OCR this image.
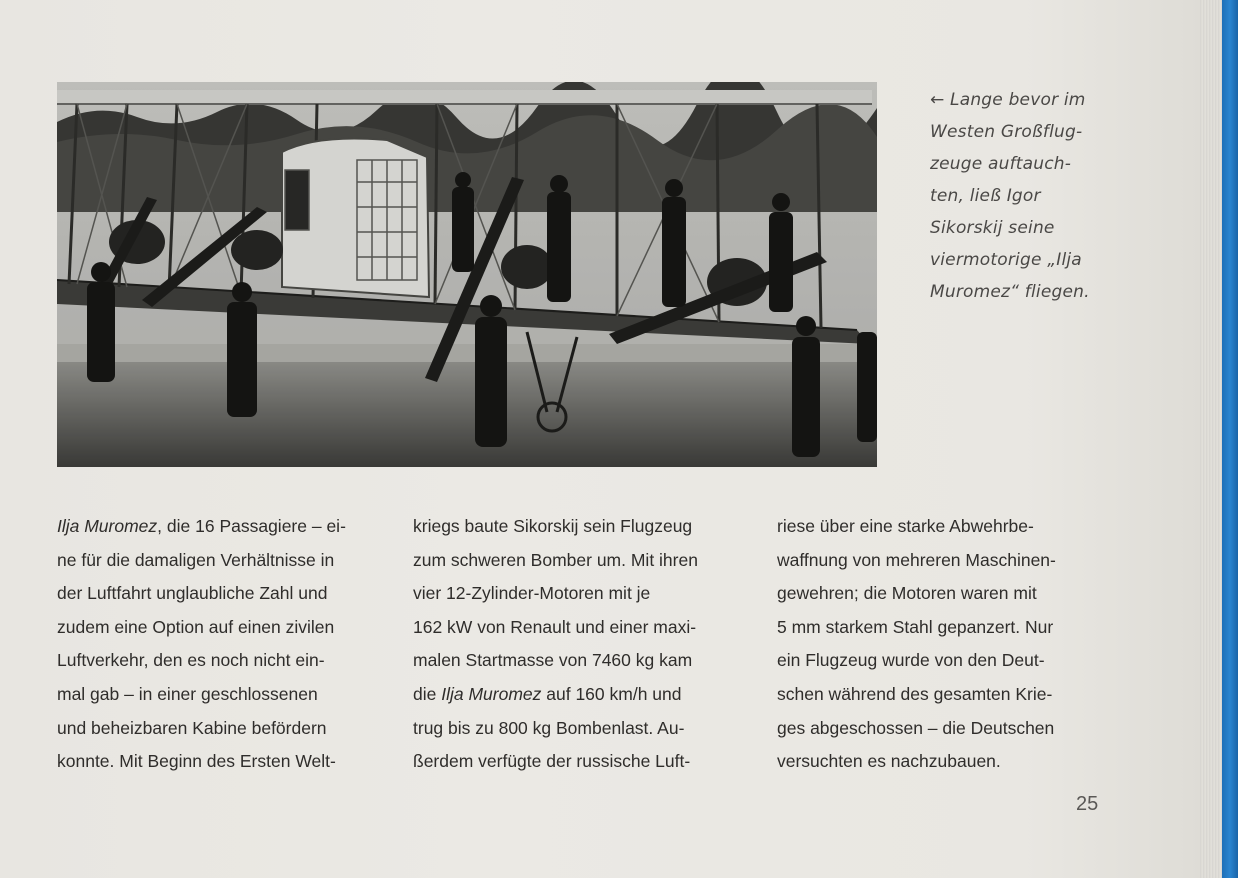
← Lange bevor im
Westen Großflug-
zeuge auftauch-
ten, ließ Igor
Sikorskij seine
viermotorige „Ilja
Muromez“ fliegen.
Ilja Muromez, die 16 Passagiere – ei-
ne für die damaligen Verhältnisse in
der Luftfahrt unglaubliche Zahl und
zudem eine Option auf einen zivilen
Luftverkehr, den es noch nicht ein-
mal gab – in einer geschlossenen
und beheizbaren Kabine befördern
konnte. Mit Beginn des Ersten Welt-
kriegs baute Sikorskij sein Flugzeug
zum schweren Bomber um. Mit ihren
vier 12-Zylinder-Motoren mit je
162 kW von Renault und einer maxi-
malen Startmasse von 7460 kg kam
die Ilja Muromez auf 160 km/h und
trug bis zu 800 kg Bombenlast. Au-
ßerdem verfügte der russische Luft-
riese über eine starke Abwehrbe-
waffnung von mehreren Maschinen-
gewehren; die Motoren waren mit
5 mm starkem Stahl gepanzert. Nur
ein Flugzeug wurde von den Deut-
schen während des gesamten Krie-
ges abgeschossen – die Deutschen
versuchten es nachzubauen.
25
